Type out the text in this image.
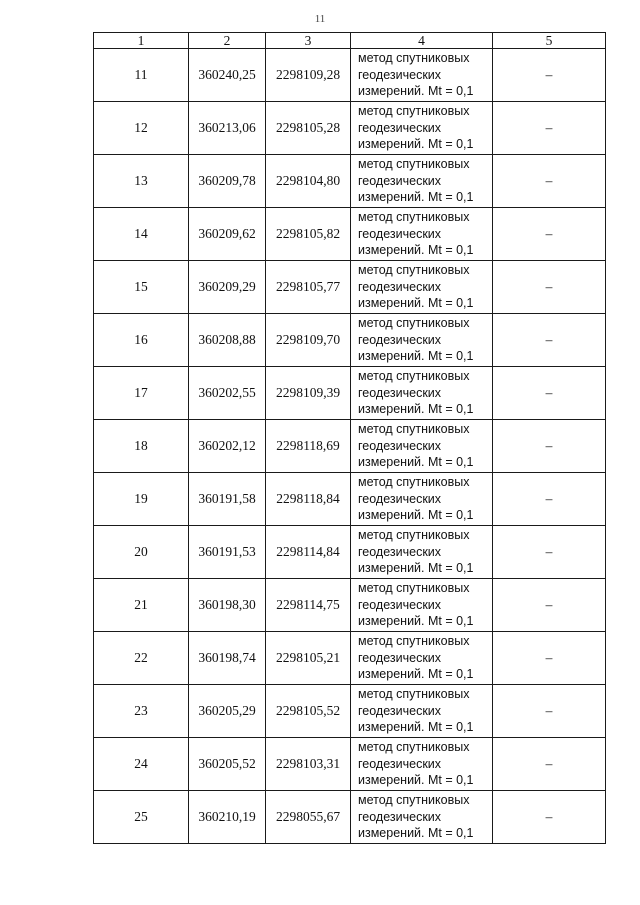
11
1	2	3	4	5
11	360240,25	2298109,28	метод спутниковых
геодезических
измерений. Mt = 0,1	–
12	360213,06	2298105,28	метод спутниковых
геодезических
измерений. Mt = 0,1	–
13	360209,78	2298104,80	метод спутниковых
геодезических
измерений. Mt = 0,1	–
14	360209,62	2298105,82	метод спутниковых
геодезических
измерений. Mt = 0,1	–
15	360209,29	2298105,77	метод спутниковых
геодезических
измерений. Mt = 0,1	–
16	360208,88	2298109,70	метод спутниковых
геодезических
измерений. Mt = 0,1	–
17	360202,55	2298109,39	метод спутниковых
геодезических
измерений. Mt = 0,1	–
18	360202,12	2298118,69	метод спутниковых
геодезических
измерений. Mt = 0,1	–
19	360191,58	2298118,84	метод спутниковых
геодезических
измерений. Mt = 0,1	–
20	360191,53	2298114,84	метод спутниковых
геодезических
измерений. Mt = 0,1	–
21	360198,30	2298114,75	метод спутниковых
геодезических
измерений. Mt = 0,1	–
22	360198,74	2298105,21	метод спутниковых
геодезических
измерений. Mt = 0,1	–
23	360205,29	2298105,52	метод спутниковых
геодезических
измерений. Mt = 0,1	–
24	360205,52	2298103,31	метод спутниковых
геодезических
измерений. Mt = 0,1	–
25	360210,19	2298055,67	метод спутниковых
геодезических
измерений. Mt = 0,1	–
